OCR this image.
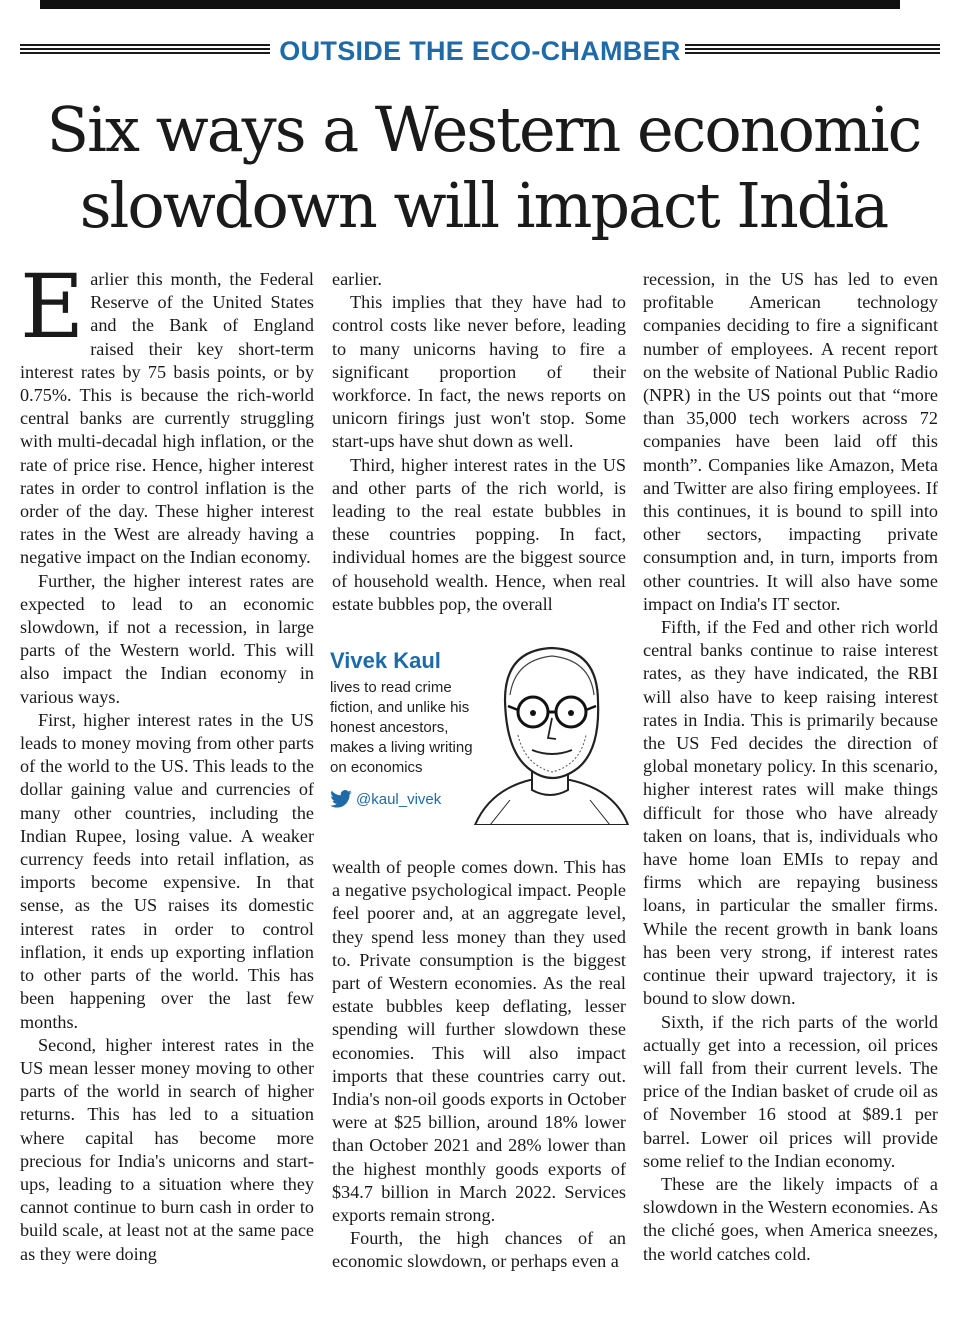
OUTSIDE THE ECO-CHAMBER
Six ways a Western economic
slowdown will impact India

Earlier this month, the Federal Reserve of the United States and the Bank of England raised their key short-term interest rates by 75 basis points, or by 0.75%. This is because the rich-world central banks are currently struggling with multi-decadal high inflation, or the rate of price rise. Hence, higher interest rates in order to control inflation is the order of the day. These higher interest rates in the West are already having a negative impact on the Indian economy.

Further, the higher interest rates are expected to lead to an economic slowdown, if not a recession, in large parts of the Western world. This will also impact the Indian economy in various ways.

First, higher interest rates in the US leads to money moving from other parts of the world to the US. This leads to the dollar gaining value and currencies of many other countries, including the Indian Rupee, losing value. A weaker currency feeds into retail inflation, as imports become expensive. In that sense, as the US raises its domestic interest rates in order to control inflation, it ends up exporting inflation to other parts of the world. This has been happening over the last few months.

Second, higher interest rates in the US mean lesser money moving to other parts of the world in search of higher returns. This has led to a situation where capital has become more precious for India's unicorns and start-ups, leading to a situation where they cannot continue to burn cash in order to build scale, at least not at the same pace as they were doing

earlier.

This implies that they have had to control costs like never before, leading to many unicorns having to fire a significant proportion of their workforce. In fact, the news reports on unicorn firings just won't stop. Some start-ups have shut down as well.

Third, higher interest rates in the US and other parts of the rich world, is leading to the real estate bubbles in these countries popping. In fact, individual homes are the biggest source of household wealth. Hence, when real estate bubbles pop, the overall

Vivek Kaul
lives to read crime fiction, and unlike his honest ancestors, makes a living writing on economics
@kaul_vivek

wealth of people comes down. This has a negative psychological impact. People feel poorer and, at an aggregate level, they spend less money than they used to. Private consumption is the biggest part of Western economies. As the real estate bubbles keep deflating, lesser spending will further slowdown these economies. This will also impact imports that these countries carry out. India's non-oil goods exports in October were at $25 billion, around 18% lower than October 2021 and 28% lower than the highest monthly goods exports of $34.7 billion in March 2022. Services exports remain strong.

Fourth, the high chances of an economic slowdown, or perhaps even a

recession, in the US has led to even profitable American technology companies deciding to fire a significant number of employees. A recent report on the website of National Public Radio (NPR) in the US points out that “more than 35,000 tech workers across 72 companies have been laid off this month”. Companies like Amazon, Meta and Twitter are also firing employees. If this continues, it is bound to spill into other sectors, impacting private consumption and, in turn, imports from other countries. It will also have some impact on India's IT sector.

Fifth, if the Fed and other rich world central banks continue to raise interest rates, as they have indicated, the RBI will also have to keep raising interest rates in India. This is primarily because the US Fed decides the direction of global monetary policy. In this scenario, higher interest rates will make things difficult for those who have already taken on loans, that is, individuals who have home loan EMIs to repay and firms which are repaying business loans, in particular the smaller firms. While the recent growth in bank loans has been very strong, if interest rates continue their upward trajectory, it is bound to slow down.

Sixth, if the rich parts of the world actually get into a recession, oil prices will fall from their current levels. The price of the Indian basket of crude oil as of November 16 stood at $89.1 per barrel. Lower oil prices will provide some relief to the Indian economy.

These are the likely impacts of a slowdown in the Western economies. As the cliché goes, when America sneezes, the world catches cold.
